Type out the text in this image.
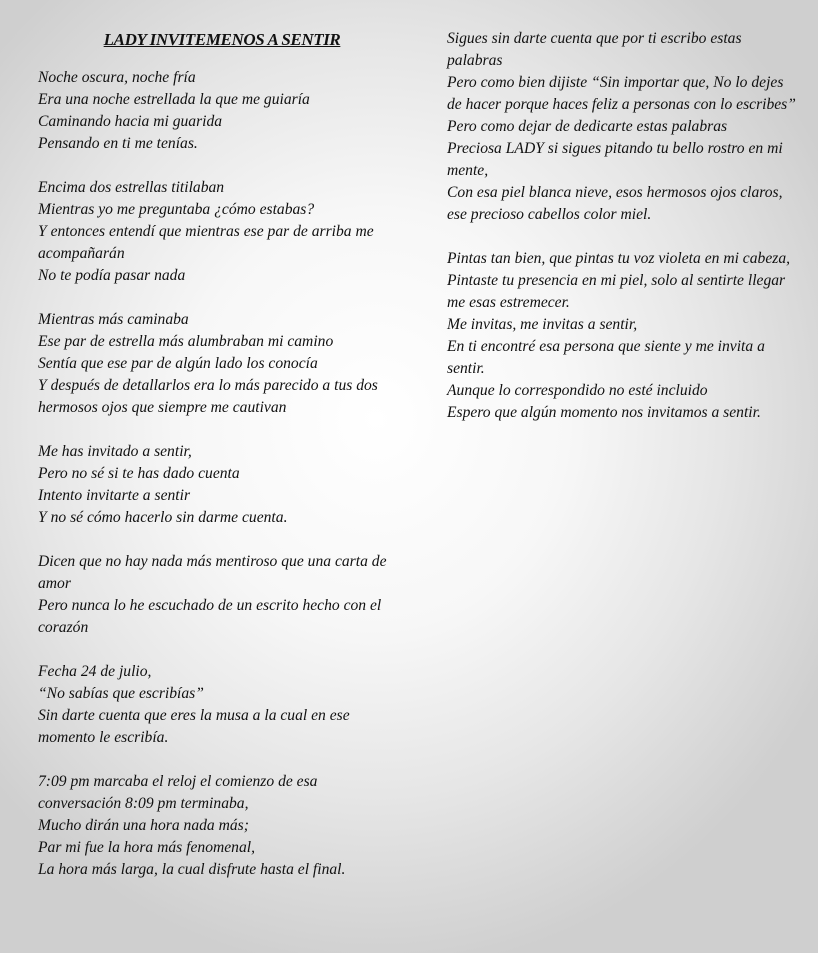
LADY INVITEMENOS A SENTIR
Noche oscura, noche fría
Era una noche estrellada la que me guiaría
Caminando hacia mi guarida
Pensando en ti me tenías.
Encima dos estrellas titilaban
Mientras yo me preguntaba ¿cómo estabas?
Y entonces entendí que mientras ese par de arriba me acompañarán
No te podía pasar nada
Mientras más caminaba
Ese par de estrella más alumbraban mi camino
Sentía que ese par de algún lado los conocía
Y después de detallarlos era lo más parecido a tus dos hermosos ojos que siempre me cautivan
Me has invitado a sentir,
Pero no sé si te has dado cuenta
Intento invitarte a sentir
Y no sé cómo hacerlo sin darme cuenta.
Dicen que no hay nada más mentiroso que una carta de amor
Pero nunca lo he escuchado de un escrito hecho con el corazón
Fecha 24 de julio,
“No sabías que escribías”
Sin darte cuenta que eres la musa a la cual en ese momento le escribía.
7:09 pm marcaba el reloj el comienzo de esa conversación 8:09 pm terminaba,
Mucho dirán una hora nada más;
Par mi fue la hora más fenomenal,
La hora más larga, la cual disfrute hasta el final.
Sigues sin darte cuenta que por ti escribo estas palabras
Pero como bien dijiste “Sin importar que, No lo dejes de hacer porque haces feliz a personas con lo escribes”
Pero como dejar de dedicarte estas palabras
Preciosa LADY si sigues pitando tu bello rostro en mi mente,
Con esa piel blanca nieve, esos hermosos ojos claros, ese precioso cabellos color miel.
Pintas tan bien, que pintas tu voz violeta en mi cabeza,
Pintaste tu presencia en mi piel, solo al sentirte llegar me esas estremecer.
Me invitas, me invitas a sentir,
En ti encontré esa persona que siente y me invita a sentir.
Aunque lo correspondido no esté incluido
Espero que algún momento nos invitamos a sentir.
